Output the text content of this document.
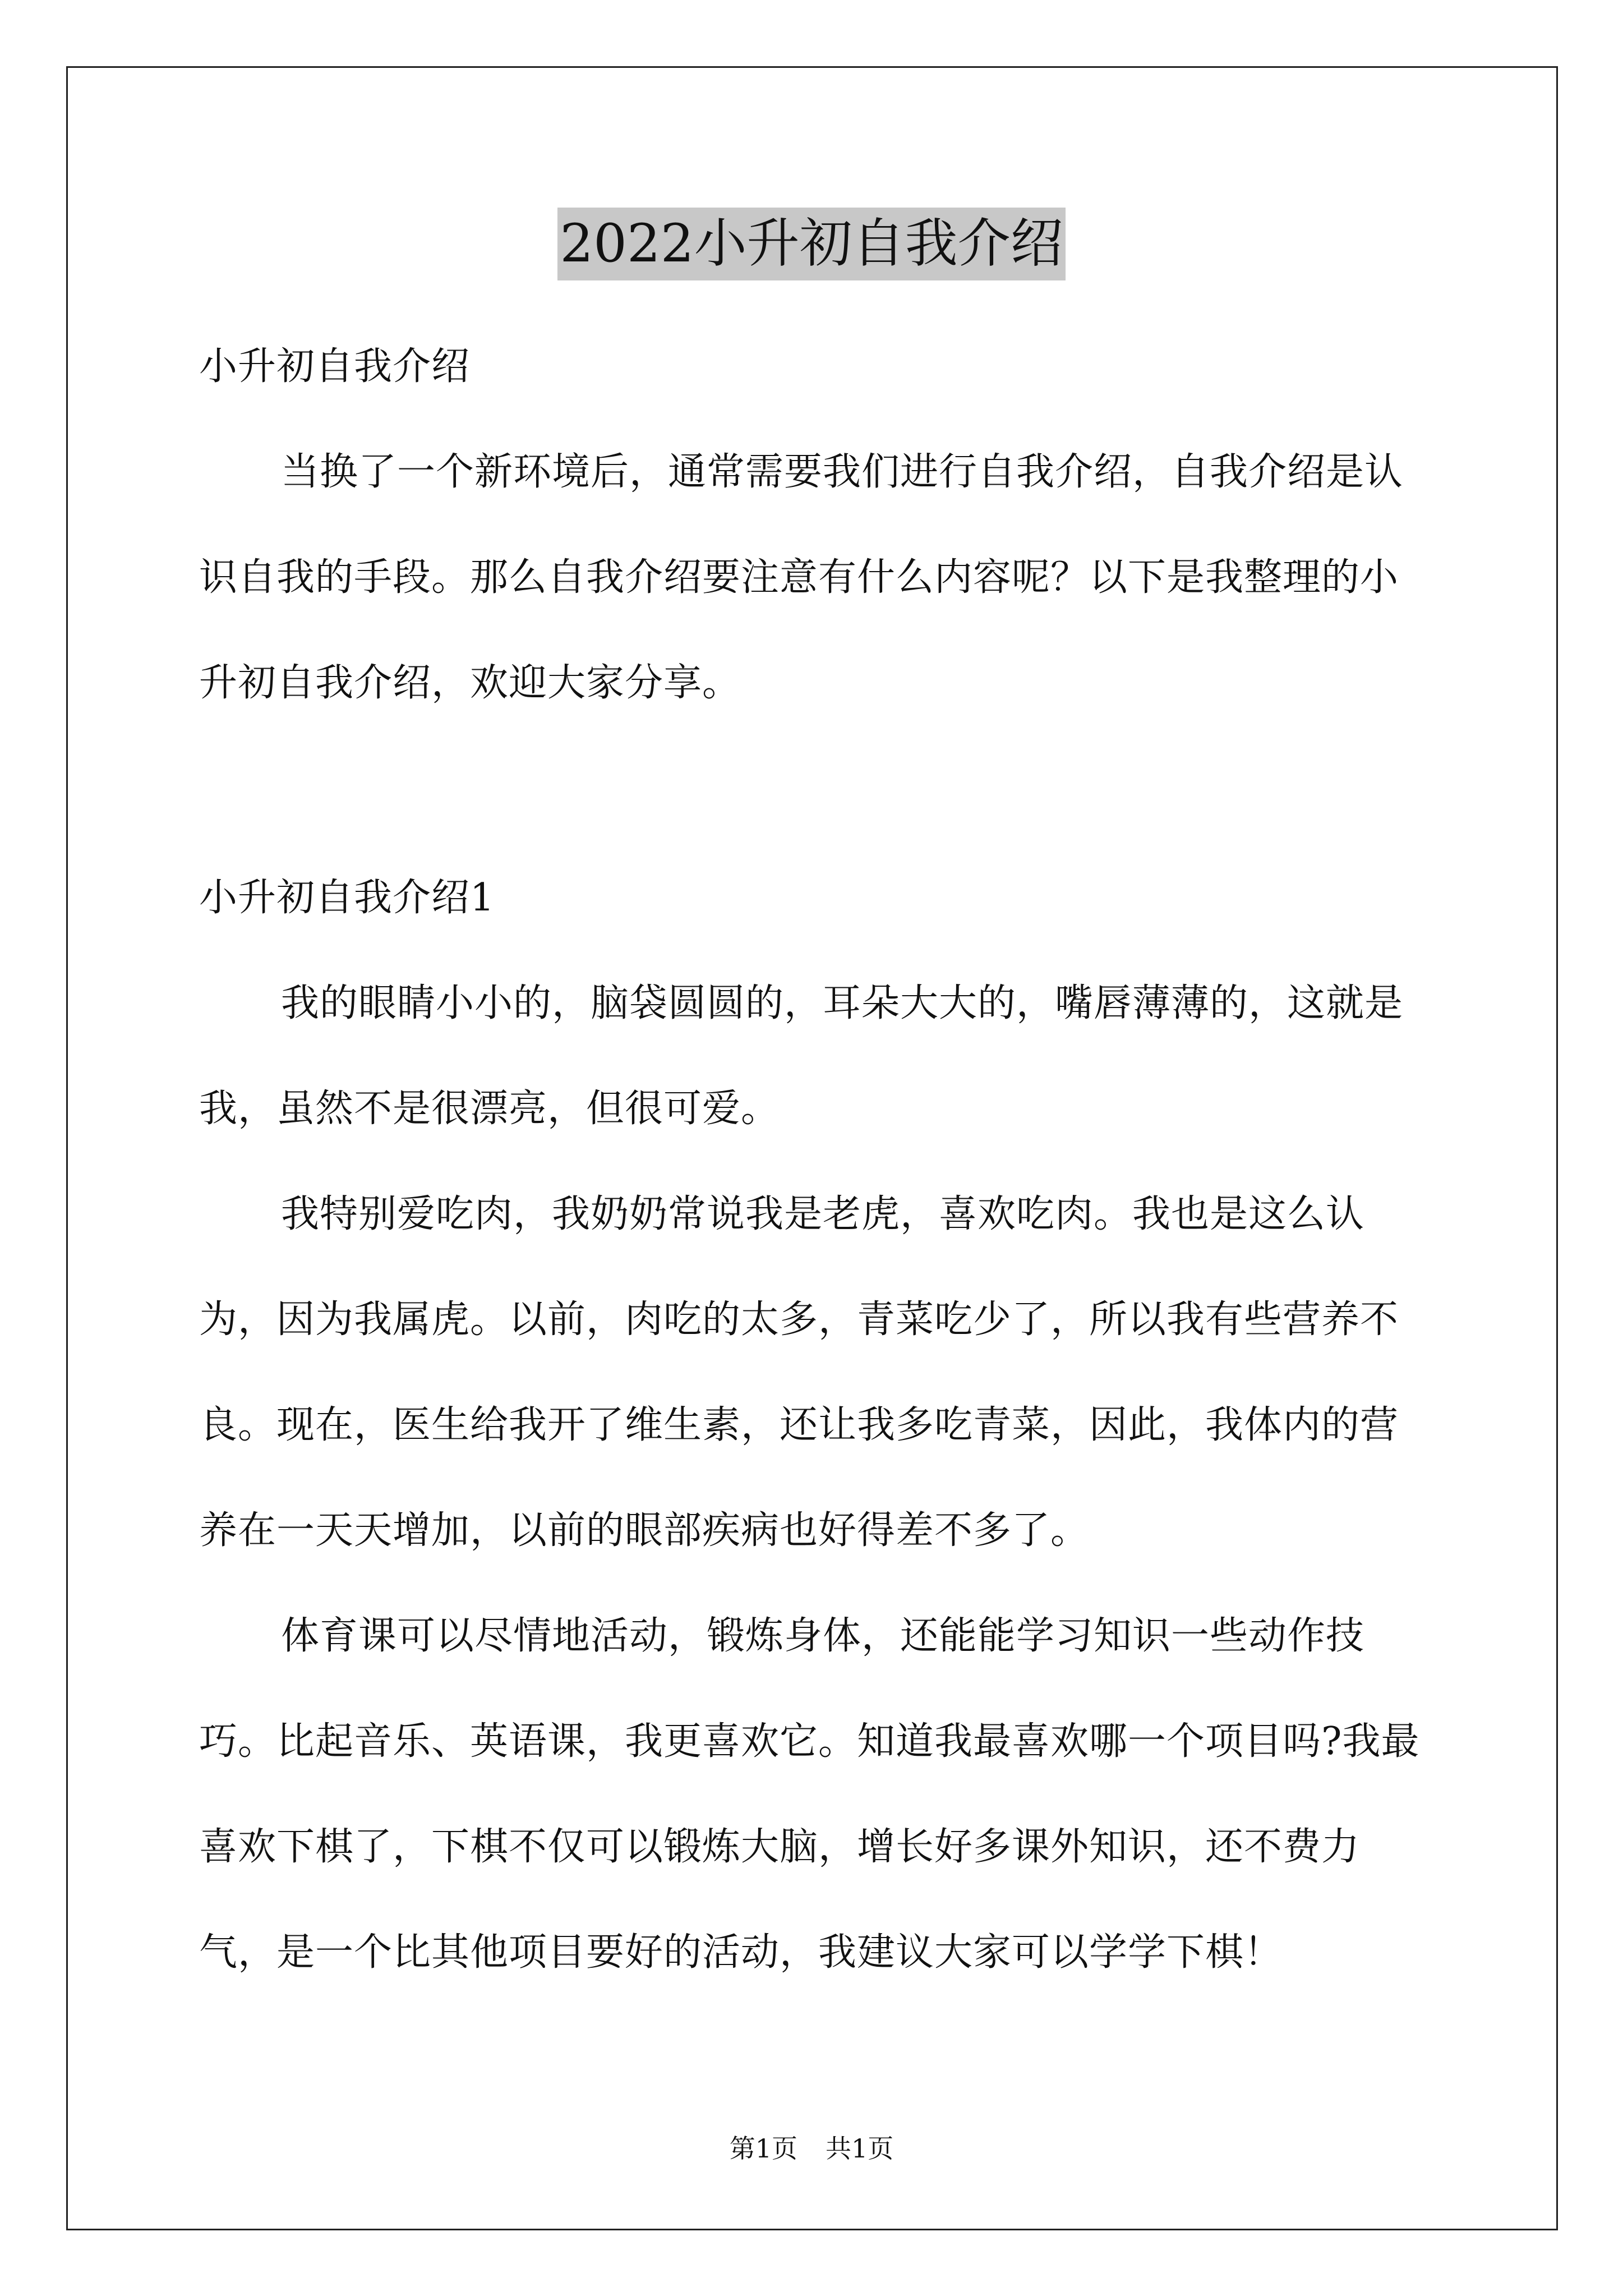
2022小升初自我介绍

小升初自我介绍

当换了一个新环境后，通常需要我们进行自我介绍，自我介绍是认识自我的手段。那么自我介绍要注意有什么内容呢？以下是我整理的小升初自我介绍，欢迎大家分享。

小升初自我介绍1

我的眼睛小小的，脑袋圆圆的，耳朵大大的，嘴唇薄薄的，这就是我，虽然不是很漂亮，但很可爱。

我特别爱吃肉，我奶奶常说我是老虎，喜欢吃肉。我也是这么认为，因为我属虎。以前，肉吃的太多，青菜吃少了，所以我有些营养不良。现在，医生给我开了维生素，还让我多吃青菜，因此，我体内的营养在一天天增加，以前的眼部疾病也好得差不多了。

体育课可以尽情地活动，锻炼身体，还能能学习知识一些动作技巧。比起音乐、英语课，我更喜欢它。知道我最喜欢哪一个项目吗?我最喜欢下棋了，下棋不仅可以锻炼大脑，增长好多课外知识，还不费力气，是一个比其他项目要好的活动，我建议大家可以学学下棋！

第1页 共1页
